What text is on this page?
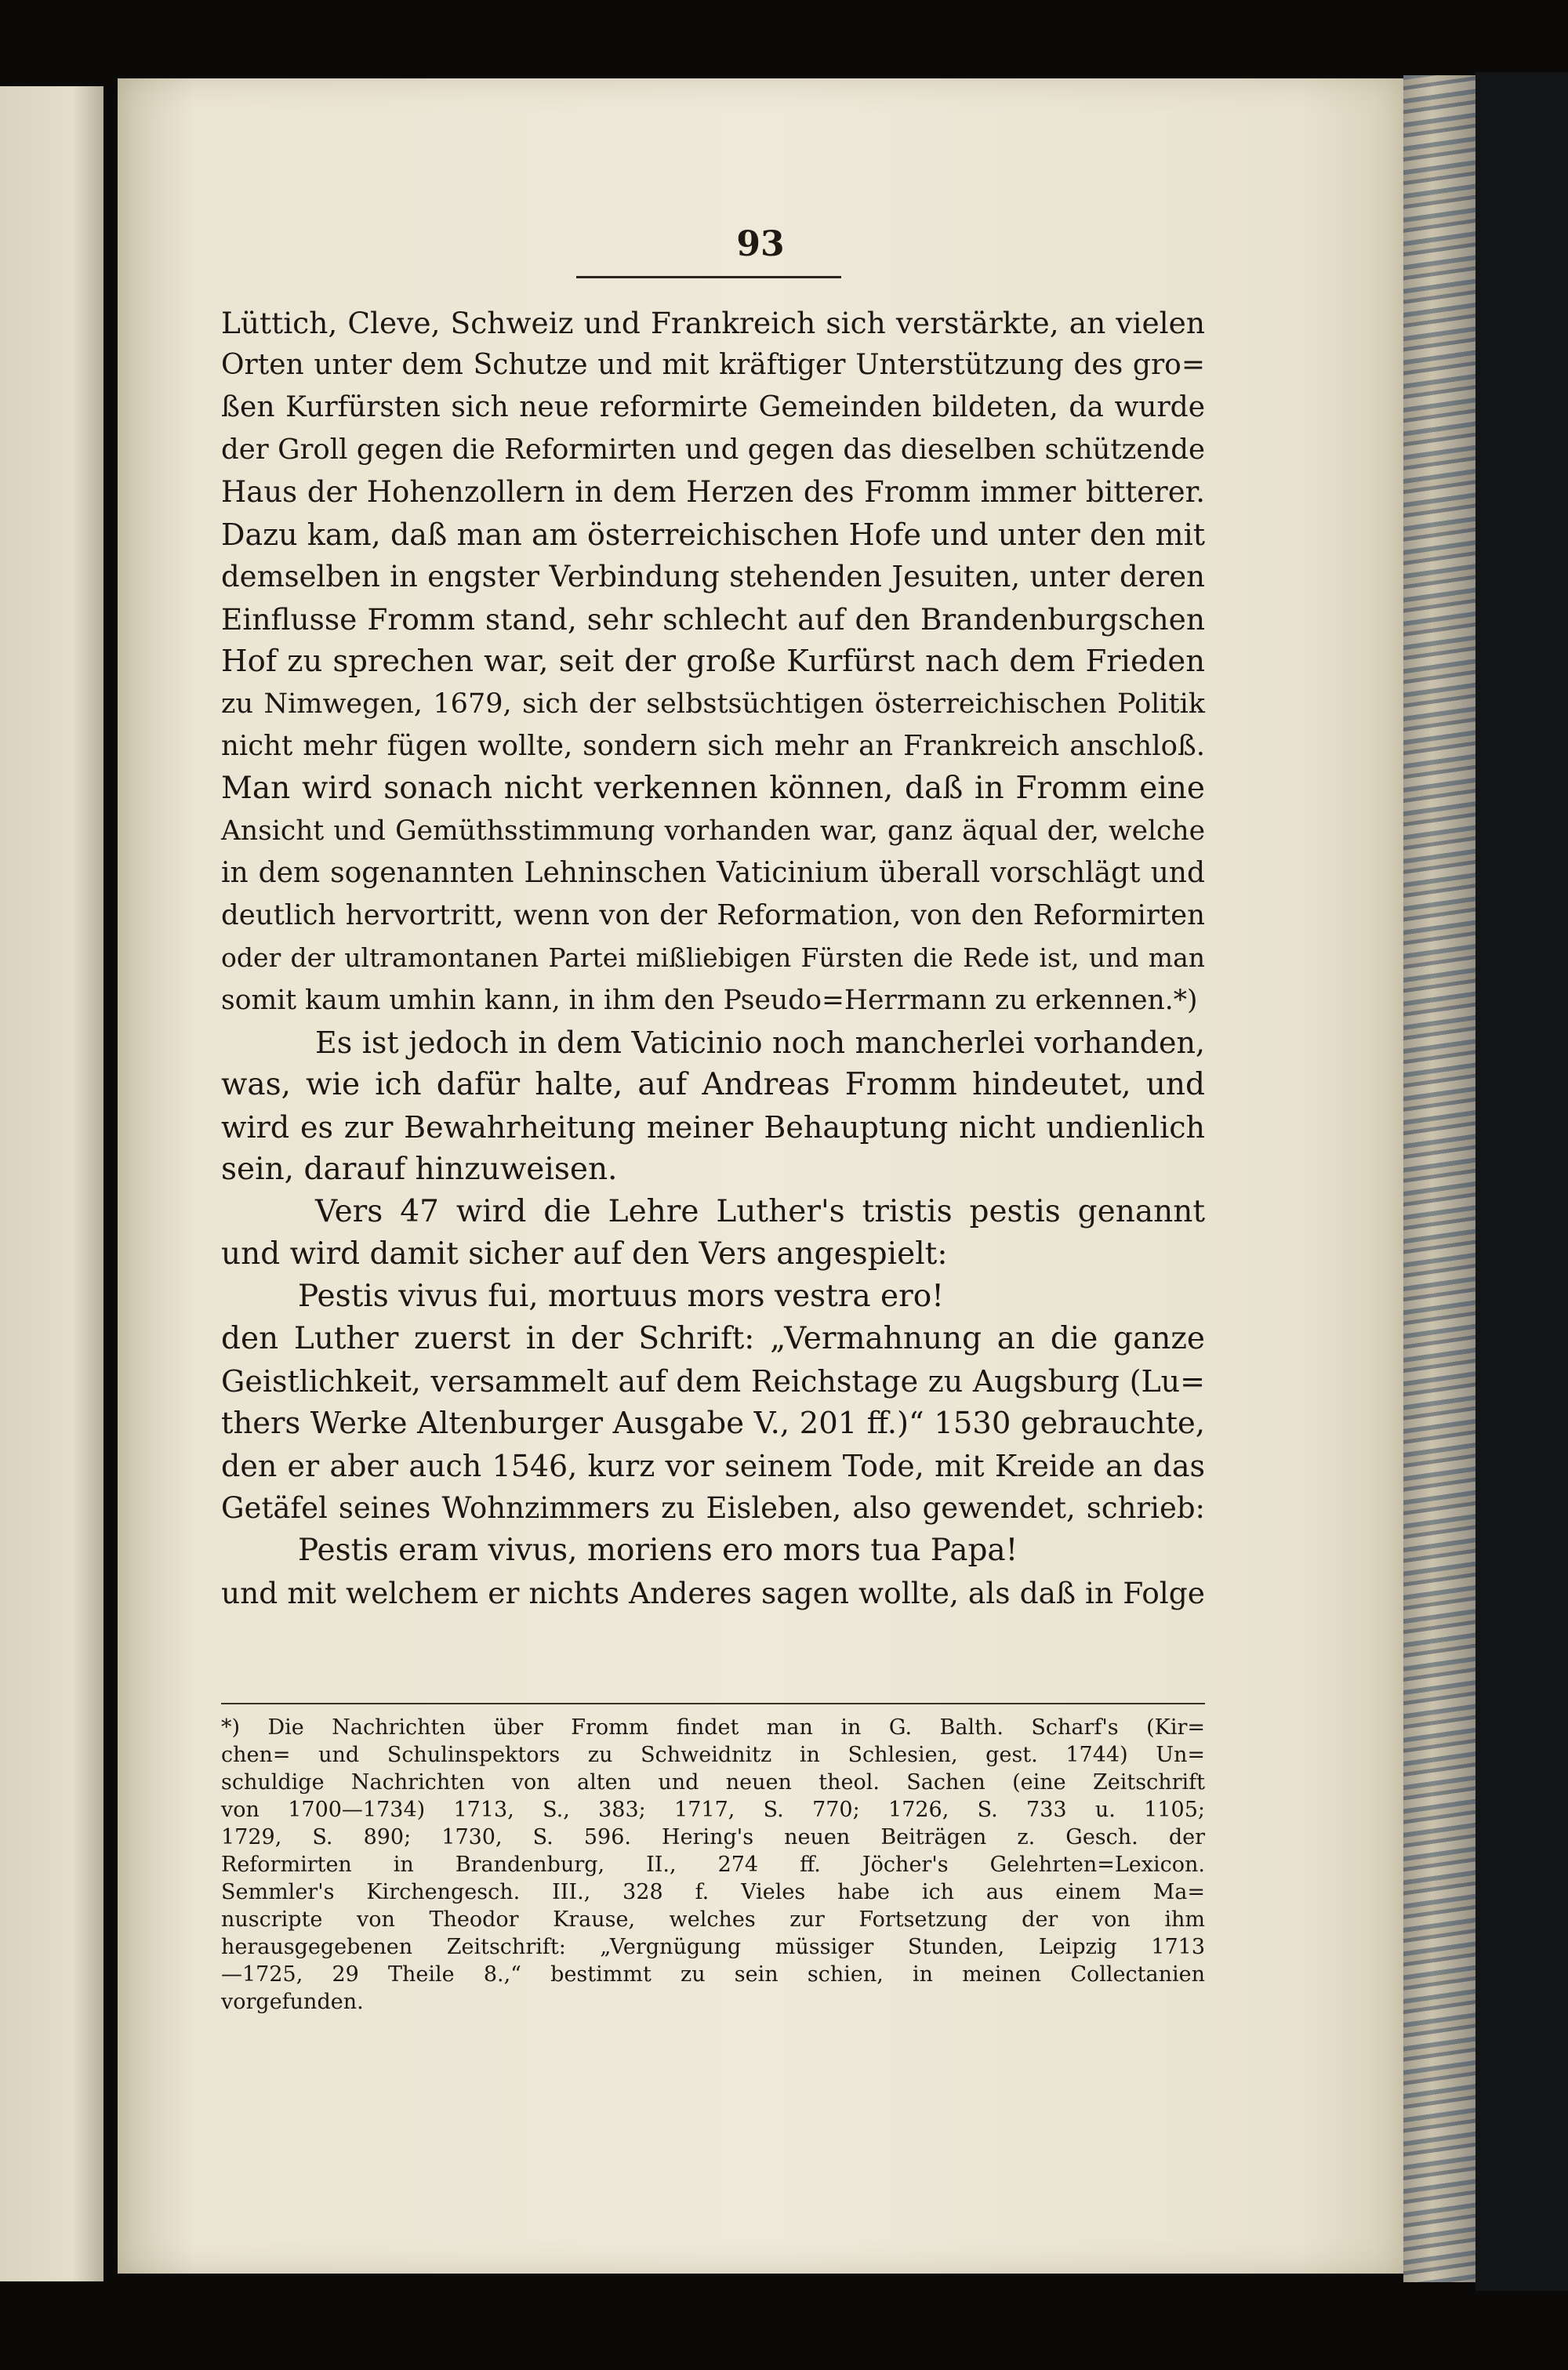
93
Lüttich, Cleve, Schweiz und Frankreich sich verstärkte, an vielen
Orten unter dem Schutze und mit kräftiger Unterstützung des gro=
ßen Kurfürsten sich neue reformirte Gemeinden bildeten, da wurde
der Groll gegen die Reformirten und gegen das dieselben schützende
Haus der Hohenzollern in dem Herzen des Fromm immer bitterer.
Dazu kam, daß man am österreichischen Hofe und unter den mit
demselben in engster Verbindung stehenden Jesuiten, unter deren
Einflusse Fromm stand, sehr schlecht auf den Brandenburgschen
Hof zu sprechen war, seit der große Kurfürst nach dem Frieden
zu Nimwegen, 1679, sich der selbstsüchtigen österreichischen Politik
nicht mehr fügen wollte, sondern sich mehr an Frankreich anschloß.
Man wird sonach nicht verkennen können, daß in Fromm eine
Ansicht und Gemüthsstimmung vorhanden war, ganz äqual der, welche
in dem sogenannten Lehninschen Vaticinium überall vorschlägt und
deutlich hervortritt, wenn von der Reformation, von den Reformirten
oder der ultramontanen Partei mißliebigen Fürsten die Rede ist, und man
somit kaum umhin kann, in ihm den Pseudo=Herrmann zu erkennen.*)
Es ist jedoch in dem Vaticinio noch mancherlei vorhanden,
was, wie ich dafür halte, auf Andreas Fromm hindeutet, und
wird es zur Bewahrheitung meiner Behauptung nicht undienlich
sein, darauf hinzuweisen.
Vers 47 wird die Lehre Luther's tristis pestis genannt
und wird damit sicher auf den Vers angespielt:
Pestis vivus fui, mortuus mors vestra ero!
den Luther zuerst in der Schrift: „Vermahnung an die ganze
Geistlichkeit, versammelt auf dem Reichstage zu Augsburg (Lu=
thers Werke Altenburger Ausgabe V., 201 ff.)“ 1530 gebrauchte,
den er aber auch 1546, kurz vor seinem Tode, mit Kreide an das
Getäfel seines Wohnzimmers zu Eisleben, also gewendet, schrieb:
Pestis eram vivus, moriens ero mors tua Papa!
und mit welchem er nichts Anderes sagen wollte, als daß in Folge
*) Die Nachrichten über Fromm findet man in G. Balth. Scharf's (Kir=
chen= und Schulinspektors zu Schweidnitz in Schlesien, gest. 1744) Un=
schuldige Nachrichten von alten und neuen theol. Sachen (eine Zeitschrift
von 1700—1734) 1713, S., 383; 1717, S. 770; 1726, S. 733 u. 1105;
1729, S. 890; 1730, S. 596. Hering's neuen Beiträgen z. Gesch. der
Reformirten in Brandenburg, II., 274 ff. Jöcher's Gelehrten=Lexicon.
Semmler's Kirchengesch. III., 328 f. Vieles habe ich aus einem Ma=
nuscripte von Theodor Krause, welches zur Fortsetzung der von ihm
herausgegebenen Zeitschrift: „Vergnügung müssiger Stunden, Leipzig 1713
—1725, 29 Theile 8.,“ bestimmt zu sein schien, in meinen Collectanien
vorgefunden.
